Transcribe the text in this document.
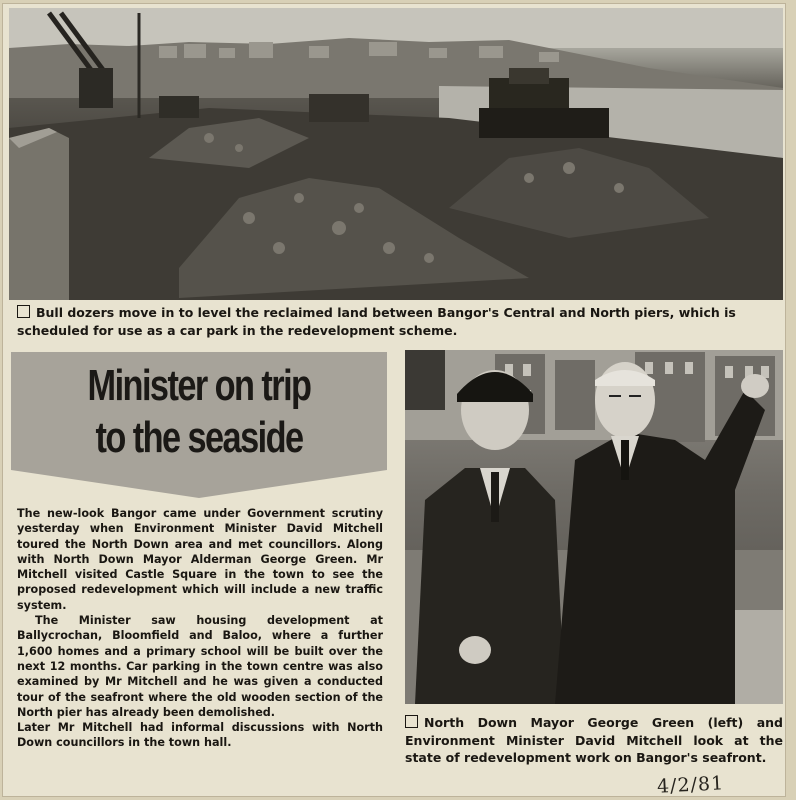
Bull dozers move in to level the reclaimed land between Bangor's Central and North piers, which is scheduled for use as a car park in the redevelopment scheme.
Minister on trip
to the seaside

The new-look Bangor came under Government scrutiny yesterday when Environment Minister David Mitchell toured the North Down area and met councillors. Along with North Down Mayor Alderman George Green. Mr Mitchell visited Castle Square in the town to see the proposed redevelopment which will include a new traffic system.

The Minister saw housing development at Ballycrochan, Bloomfield and Baloo, where a further 1,600 homes and a primary school will be built over the next 12 months. Car parking in the town centre was also examined by Mr Mitchell and he was given a conducted tour of the seafront where the old wooden section of the North pier has already been demolished.

Later Mr Mitchell had informal discussions with North Down councillors in the town hall.

North Down Mayor George Green (left) and Environment Minister David Mitchell look at the state of redevelopment work on Bangor's seafront.
4/2/81
